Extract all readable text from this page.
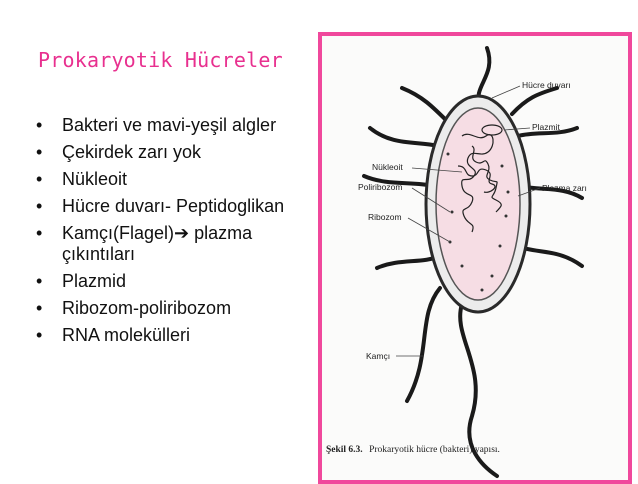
Prokaryotik Hücreler
• Bakteri ve mavi-yeşil algler
• Çekirdek zarı yok
• Nükleoit
• Hücre duvarı- Peptidoglikan
• Kamçı(Flagel)➔ plazma çıkıntıları
• Plazmid
• Ribozom-poliribozom
• RNA molekülleri
Hücre duvarı
Plazmit
Nükleoit
Poliribozom	Plazma zarı
Ribozom
Kamçı
Şekil 6.3. Prokaryotik hücre (bakteri) yapısı.
